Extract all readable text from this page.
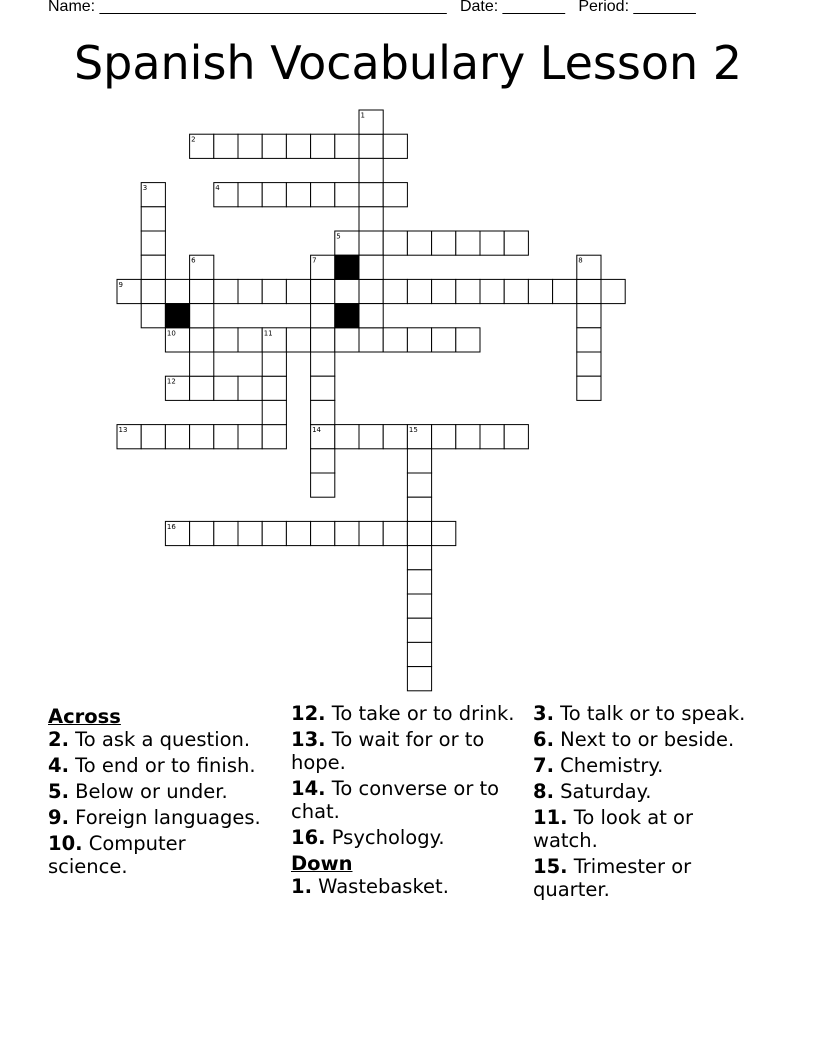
Name: _______________________________________ Date: _______ Period: _______
Spanish Vocabulary Lesson 2
1
2
3	4
5
6	7	8
9
10	11
12
13	14	15
16
Across
2. To ask a question.
4. To end or to finish.
5. Below or under.
9. Foreign languages.
10. Computer science.
12. To take or to drink.
13. To wait for or to hope.
14. To converse or to chat.
16. Psychology.
Down
1. Wastebasket.
3. To talk or to speak.
6. Next to or beside.
7. Chemistry.
8. Saturday.
11. To look at or watch.
15. Trimester or quarter.
